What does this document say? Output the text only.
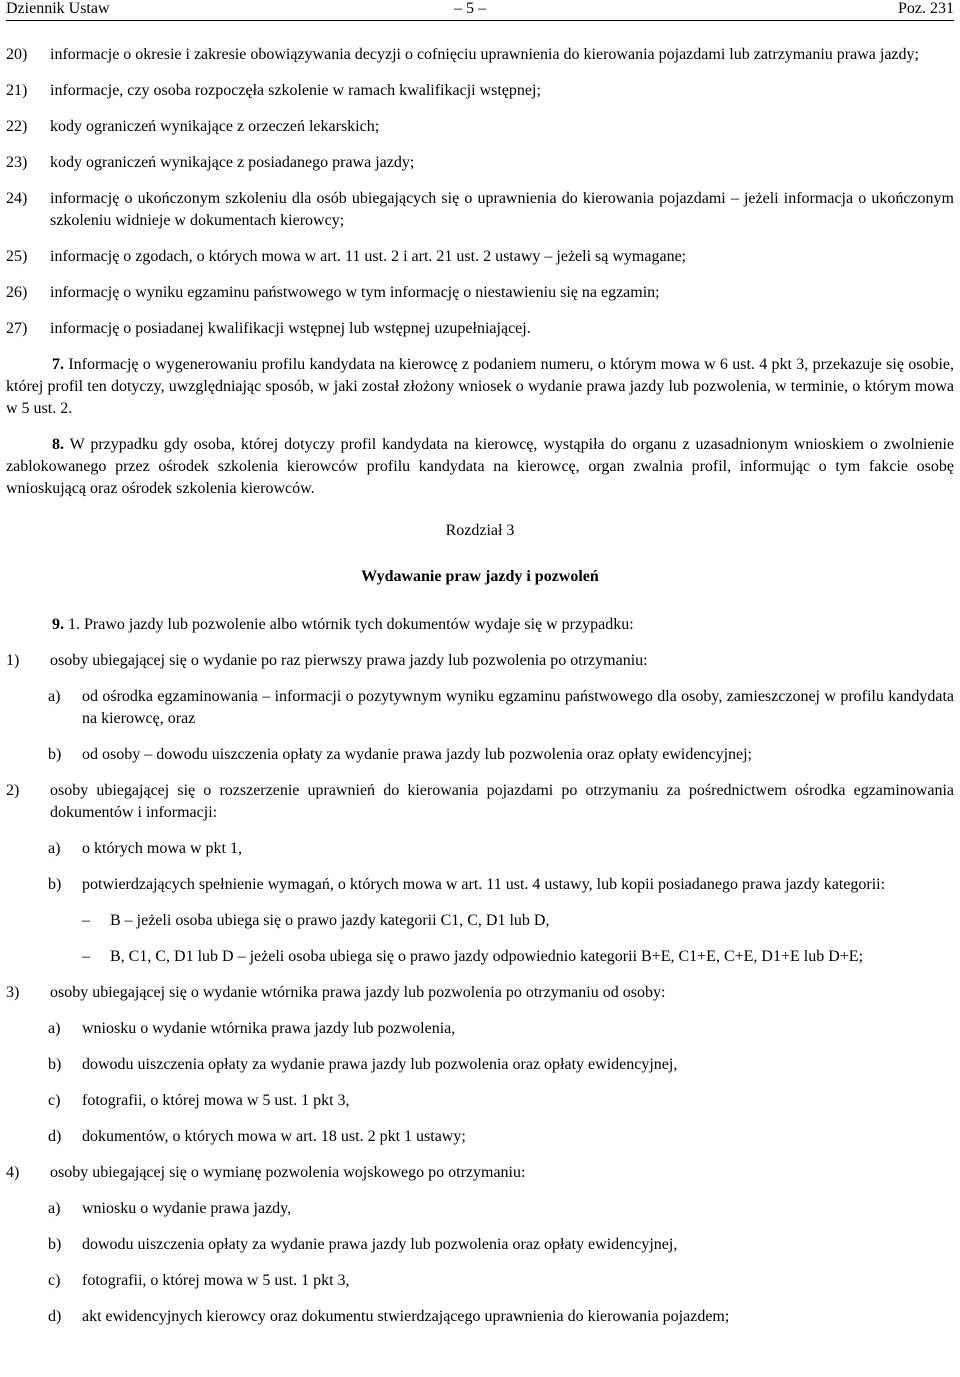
Dziennik Ustaw	– 5 –	Poz. 231
20) informacje o okresie i zakresie obowiązywania decyzji o cofnięciu uprawnienia do kierowania pojazdami lub zatrzymaniu prawa jazdy;
21) informacje, czy osoba rozpoczęła szkolenie w ramach kwalifikacji wstępnej;
22) kody ograniczeń wynikające z orzeczeń lekarskich;
23) kody ograniczeń wynikające z posiadanego prawa jazdy;
24) informację o ukończonym szkoleniu dla osób ubiegających się o uprawnienia do kierowania pojazdami – jeżeli informacja o ukończonym szkoleniu widnieje w dokumentach kierowcy;
25) informację o zgodach, o których mowa w art. 11 ust. 2 i art. 21 ust. 2 ustawy – jeżeli są wymagane;
26) informację o wyniku egzaminu państwowego w tym informację o niestawieniu się na egzamin;
27) informację o posiadanej kwalifikacji wstępnej lub wstępnej uzupełniającej.
7. Informację o wygenerowaniu profilu kandydata na kierowcę z podaniem numeru, o którym mowa w 6 ust. 4 pkt 3, przekazuje się osobie, której profil ten dotyczy, uwzględniając sposób, w jaki został złożony wniosek o wydanie prawa jazdy lub pozwolenia, w terminie, o którym mowa w 5 ust. 2.
8. W przypadku gdy osoba, której dotyczy profil kandydata na kierowcę, wystąpiła do organu z uzasadnionym wnioskiem o zwolnienie zablokowanego przez ośrodek szkolenia kierowców profilu kandydata na kierowcę, organ zwalnia profil, informując o tym fakcie osobę wnioskującą oraz ośrodek szkolenia kierowców.
Rozdział 3
Wydawanie praw jazdy i pozwoleń
9. 1. Prawo jazdy lub pozwolenie albo wtórnik tych dokumentów wydaje się w przypadku:
1) osoby ubiegającej się o wydanie po raz pierwszy prawa jazdy lub pozwolenia po otrzymaniu:
a) od ośrodka egzaminowania – informacji o pozytywnym wyniku egzaminu państwowego dla osoby, zamieszczonej w profilu kandydata na kierowcę, oraz
b) od osoby – dowodu uiszczenia opłaty za wydanie prawa jazdy lub pozwolenia oraz opłaty ewidencyjnej;
2) osoby ubiegającej się o rozszerzenie uprawnień do kierowania pojazdami po otrzymaniu za pośrednictwem ośrodka egzaminowania dokumentów i informacji:
a) o których mowa w pkt 1,
b) potwierdzających spełnienie wymagań, o których mowa w art. 11 ust. 4 ustawy, lub kopii posiadanego prawa jazdy kategorii:
– B – jeżeli osoba ubiega się o prawo jazdy kategorii C1, C, D1 lub D,
– B, C1, C, D1 lub D – jeżeli osoba ubiega się o prawo jazdy odpowiednio kategorii B+E, C1+E, C+E, D1+E lub D+E;
3) osoby ubiegającej się o wydanie wtórnika prawa jazdy lub pozwolenia po otrzymaniu od osoby:
a) wniosku o wydanie wtórnika prawa jazdy lub pozwolenia,
b) dowodu uiszczenia opłaty za wydanie prawa jazdy lub pozwolenia oraz opłaty ewidencyjnej,
c) fotografii, o której mowa w 5 ust. 1 pkt 3,
d) dokumentów, o których mowa w art. 18 ust. 2 pkt 1 ustawy;
4) osoby ubiegającej się o wymianę pozwolenia wojskowego po otrzymaniu:
a) wniosku o wydanie prawa jazdy,
b) dowodu uiszczenia opłaty za wydanie prawa jazdy lub pozwolenia oraz opłaty ewidencyjnej,
c) fotografii, o której mowa w 5 ust. 1 pkt 3,
d) akt ewidencyjnych kierowcy oraz dokumentu stwierdzającego uprawnienia do kierowania pojazdem;
